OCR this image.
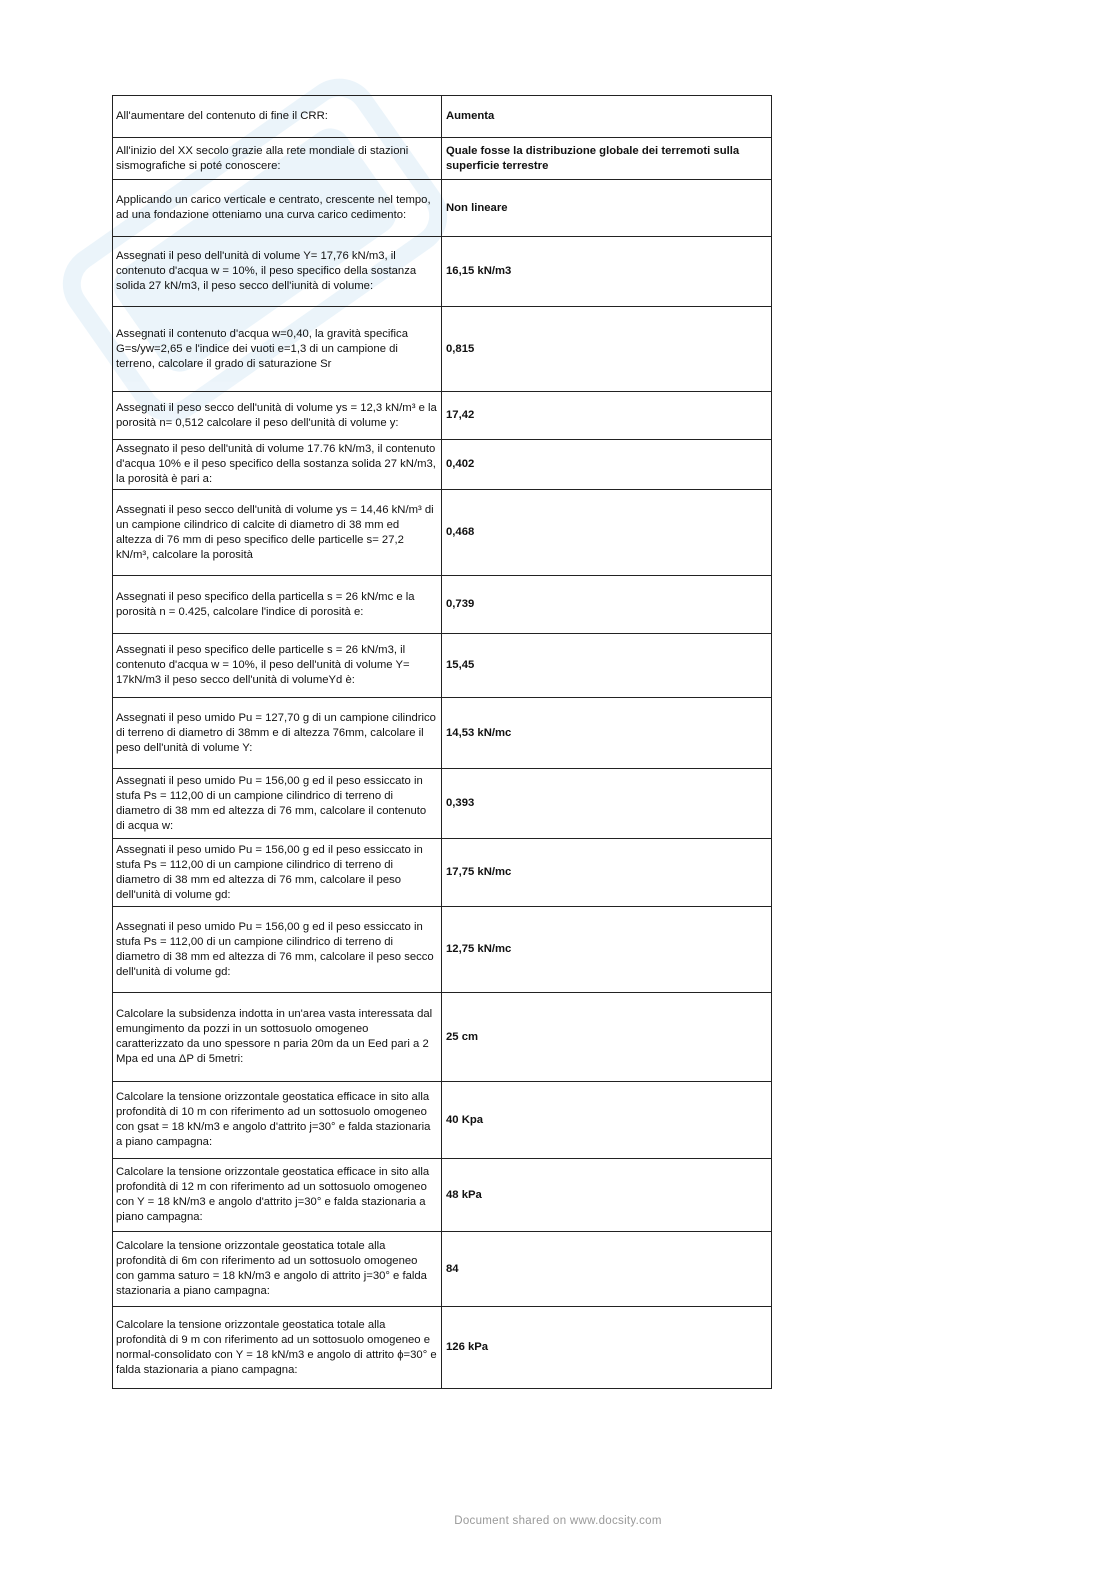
All'aumentare del contenuto di fine il CRR:	Aumenta
All'inizio del XX secolo grazie alla rete mondiale di stazioni sismografiche si poté conoscere:	Quale fosse la distribuzione globale dei terremoti sulla superficie terrestre
Applicando un carico verticale e centrato, crescente nel tempo, ad una fondazione otteniamo una curva carico cedimento:	Non lineare
Assegnati il peso dell'unità di volume Y= 17,76 kN/m3, il contenuto d'acqua w = 10%, il peso specifico della sostanza solida 27 kN/m3, il peso secco dell'iunità di volume:	16,15 kN/m3
Assegnati il contenuto d'acqua w=0,40, la gravità specifica G=s/yw=2,65 e l'indice dei vuoti e=1,3 di un campione di terreno, calcolare il grado di saturazione Sr	0,815
Assegnati il peso secco dell'unità di volume ys = 12,3 kN/m³ e la porosità n= 0,512 calcolare il peso dell'unità di volume y:	17,42
Assegnato il peso dell'unità di volume 17.76 kN/m3, il contenuto d'acqua 10% e il peso specifico della sostanza solida 27 kN/m3, la porosità è pari a:	0,402
Assegnati il peso secco dell'unità di volume ys = 14,46 kN/m³ di un campione cilindrico di calcite di diametro di 38 mm ed altezza di 76 mm di peso specifico delle particelle s= 27,2
kN/m³, calcolare la porosità	0,468
Assegnati il peso specifico della particella s = 26 kN/mc e la porosità n = 0.425, calcolare l'indice di porosità e:	0,739
Assegnati il peso specifico delle particelle s = 26 kN/m3, il contenuto d'acqua w = 10%, il peso dell'unità di volume Y= 17kN/m3 il peso secco dell'unità di volumeYd è:	15,45
Assegnati il peso umido Pu = 127,70 g di un campione cilindrico di terreno di diametro di 38mm e di altezza 76mm, calcolare il peso dell'unità di volume Y:	14,53 kN/mc
Assegnati il peso umido Pu = 156,00 g ed il peso essiccato in stufa Ps = 112,00 di un campione cilindrico di terreno di diametro di 38 mm ed altezza di 76 mm, calcolare il contenuto di acqua w:	0,393
Assegnati il peso umido Pu = 156,00 g ed il peso essiccato in stufa Ps = 112,00 di un campione cilindrico di terreno di diametro di 38 mm ed altezza di 76 mm, calcolare il peso dell'unità di volume gd:	17,75 kN/mc
Assegnati il peso umido Pu = 156,00 g ed il peso essiccato in stufa Ps = 112,00 di un campione cilindrico di terreno di diametro di 38 mm ed altezza di 76 mm, calcolare il peso secco dell'unità di volume gd:	12,75 kN/mc
Calcolare la subsidenza indotta in un'area vasta interessata dal emungimento da pozzi in un sottosuolo omogeneo caratterizzato da uno spessore n paria 20m da un Eed pari a 2 Mpa ed una ΔP di 5metri:	25 cm
Calcolare la tensione orizzontale geostatica efficace in sito alla profondità di 10 m con riferimento ad un sottosuolo omogeneo con gsat = 18 kN/m3 e angolo d'attrito j=30° e falda stazionaria a piano campagna:	40 Kpa
Calcolare la tensione orizzontale geostatica efficace in sito alla profondità di 12 m con riferimento ad un sottosuolo omogeneo con Y = 18 kN/m3 e angolo d'attrito j=30° e falda stazionaria a piano campagna:	48 kPa
Calcolare la tensione orizzontale geostatica totale alla profondità di 6m con riferimento ad un sottosuolo omogeneo con gamma saturo = 18 kN/m3 e angolo di attrito j=30° e falda stazionaria a piano campagna:	84
Calcolare la tensione orizzontale geostatica totale alla profondità di 9 m con riferimento ad un sottosuolo omogeneo e normal-consolidato con Y = 18 kN/m3 e angolo di attrito ϕ=30° e falda stazionaria a piano campagna:	126 kPa
Document shared on www.docsity.com
